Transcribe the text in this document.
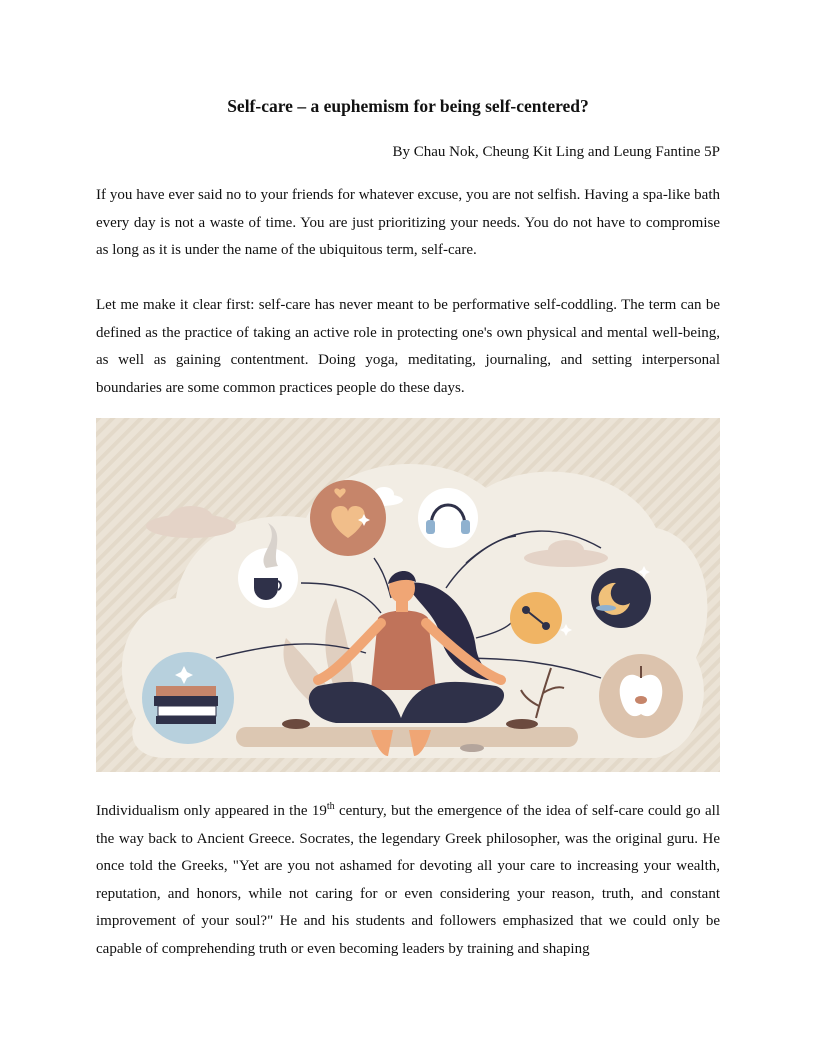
Self-care – a euphemism for being self-centered?

By Chau Nok, Cheung Kit Ling and Leung Fantine 5P

If you have ever said no to your friends for whatever excuse, you are not selfish. Having a spa-like bath every day is not a waste of time. You are just prioritizing your needs. You do not have to compromise as long as it is under the name of the ubiquitous term, self-care.

Let me make it clear first: self-care has never meant to be performative self-coddling. The term can be defined as the practice of taking an active role in protecting one's own physical and mental well-being, as well as gaining contentment. Doing yoga, meditating, journaling, and setting interpersonal boundaries are some common practices people do these days.

Individualism only appeared in the 19th century, but the emergence of the idea of self-care could go all the way back to Ancient Greece. Socrates, the legendary Greek philosopher, was the original guru. He once told the Greeks, "Yet are you not ashamed for devoting all your care to increasing your wealth, reputation, and honors, while not caring for or even considering your reason, truth, and constant improvement of your soul?" He and his students and followers emphasized that we could only be capable of comprehending truth or even becoming leaders by training and shaping
